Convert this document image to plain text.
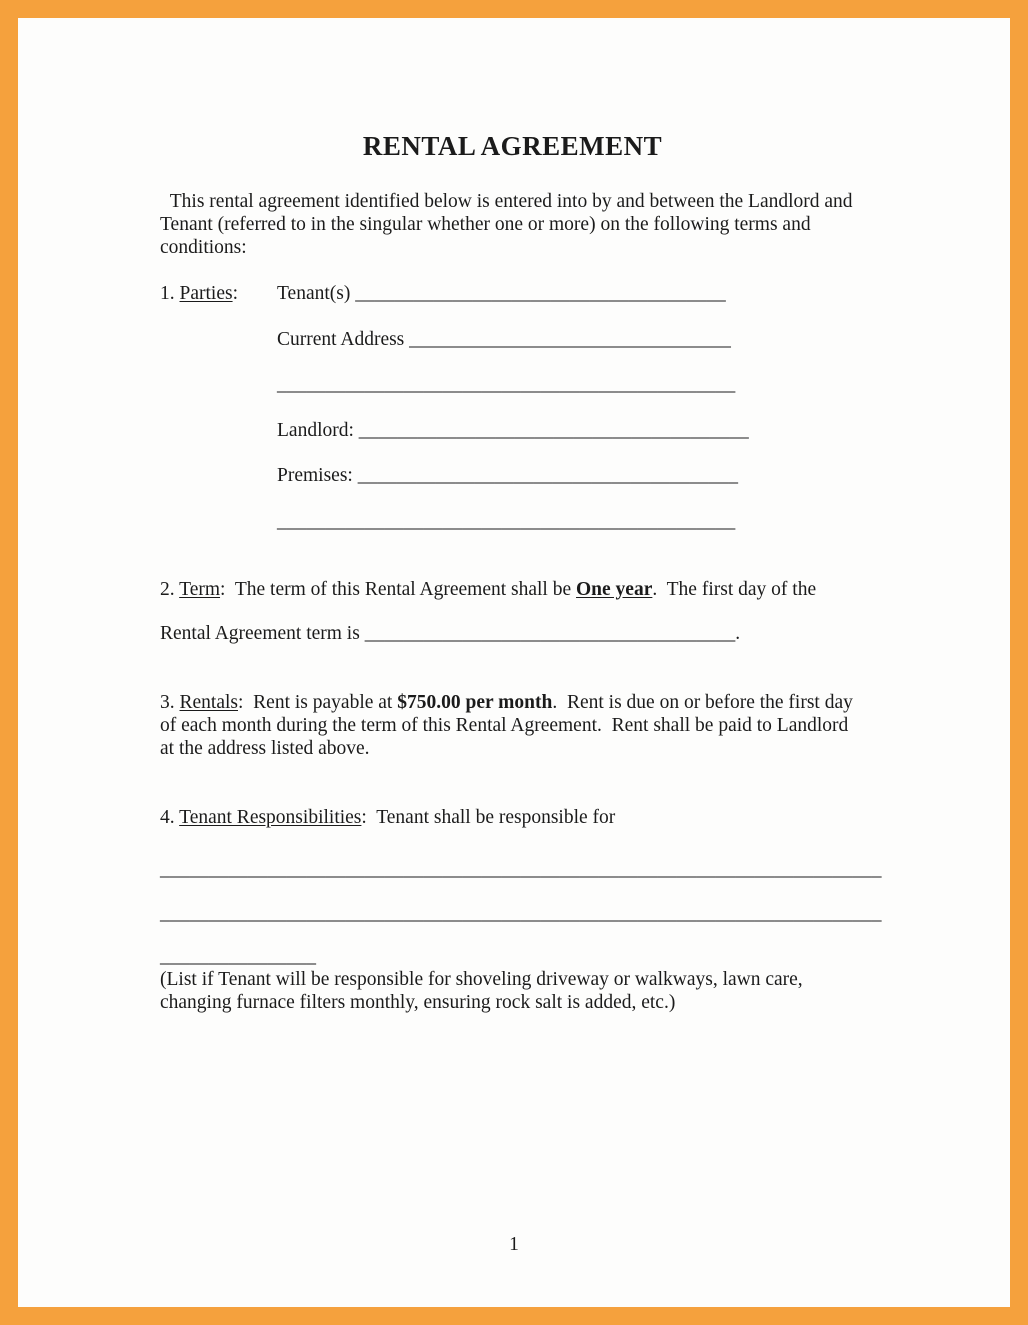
RENTAL AGREEMENT
This rental agreement identified below is entered into by and between the Landlord and
Tenant (referred to in the singular whether one or more) on the following terms and
conditions:
1. Parties:	Tenant(s) ______________________________________
Current Address _________________________________
_______________________________________________
Landlord: ________________________________________
Premises: _______________________________________
_______________________________________________
2. Term:  The term of this Rental Agreement shall be One year.  The first day of the
Rental Agreement term is ______________________________________.
3. Rentals:  Rent is payable at $750.00 per month.  Rent is due on or before the first day
of each month during the term of this Rental Agreement.  Rent shall be paid to Landlord
at the address listed above.
4. Tenant Responsibilities:  Tenant shall be responsible for
__________________________________________________________________________
__________________________________________________________________________
________________
(List if Tenant will be responsible for shoveling driveway or walkways, lawn care,
changing furnace filters monthly, ensuring rock salt is added, etc.)
1
